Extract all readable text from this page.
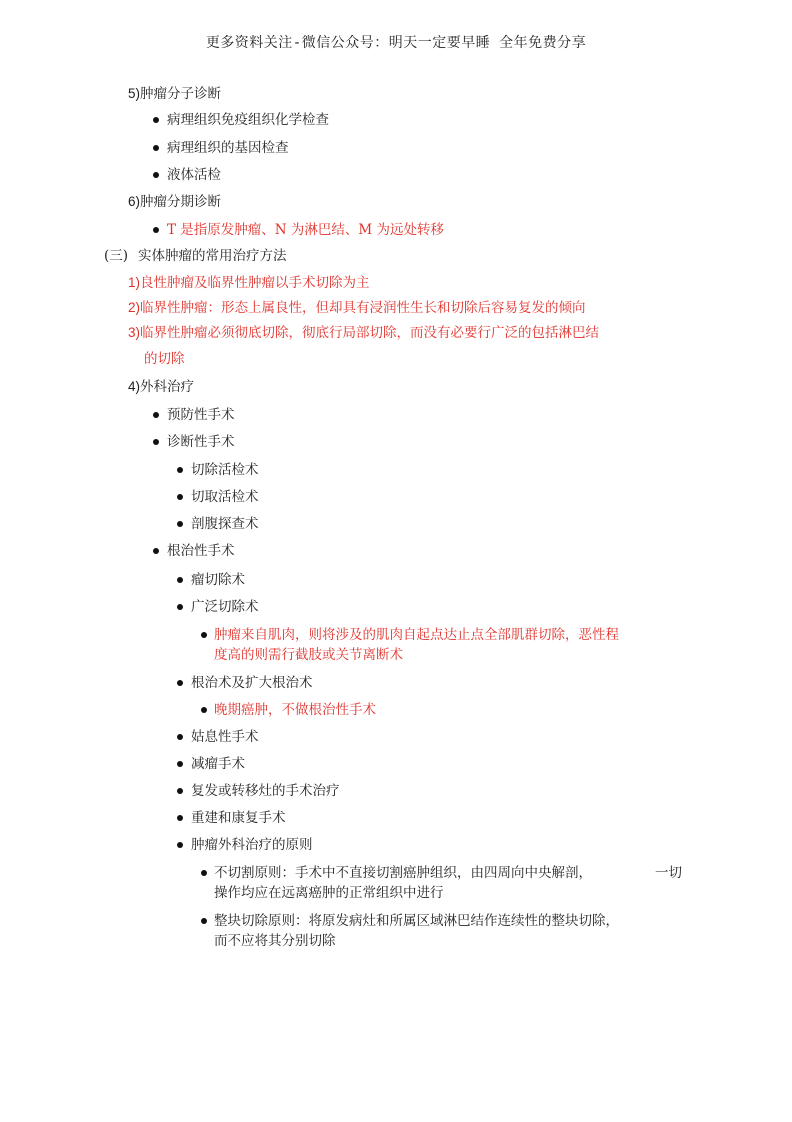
更多资料关注-微信公众号：明天一定要早睡 全年免费分享
5)肿瘤分子诊断
病理组织免疫组织化学检查
病理组织的基因检查
液体活检
6)肿瘤分期诊断
T 是指原发肿瘤、N 为淋巴结、M 为远处转移
(三) 实体肿瘤的常用治疗方法
1)良性肿瘤及临界性肿瘤以手术切除为主
2)临界性肿瘤：形态上属良性，但却具有浸润性生长和切除后容易复发的倾向
3)临界性肿瘤必须彻底切除，彻底行局部切除，而没有必要行广泛的包括淋巴结
的切除
4)外科治疗
预防性手术
诊断性手术
切除活检术
切取活检术
剖腹探查术
根治性手术
瘤切除术
广泛切除术
肿瘤来自肌肉，则将涉及的肌肉自起点达止点全部肌群切除，恶性程
度高的则需行截肢或关节离断术
根治术及扩大根治术
晚期癌肿，不做根治性手术
姑息性手术
减瘤手术
复发或转移灶的手术治疗
重建和康复手术
肿瘤外科治疗的原则
不切割原则：手术中不直接切割癌肿组织，由四周向中央解剖，	一切
操作均应在远离癌肿的正常组织中进行
整块切除原则：将原发病灶和所属区域淋巴结作连续性的整块切除，
而不应将其分别切除
